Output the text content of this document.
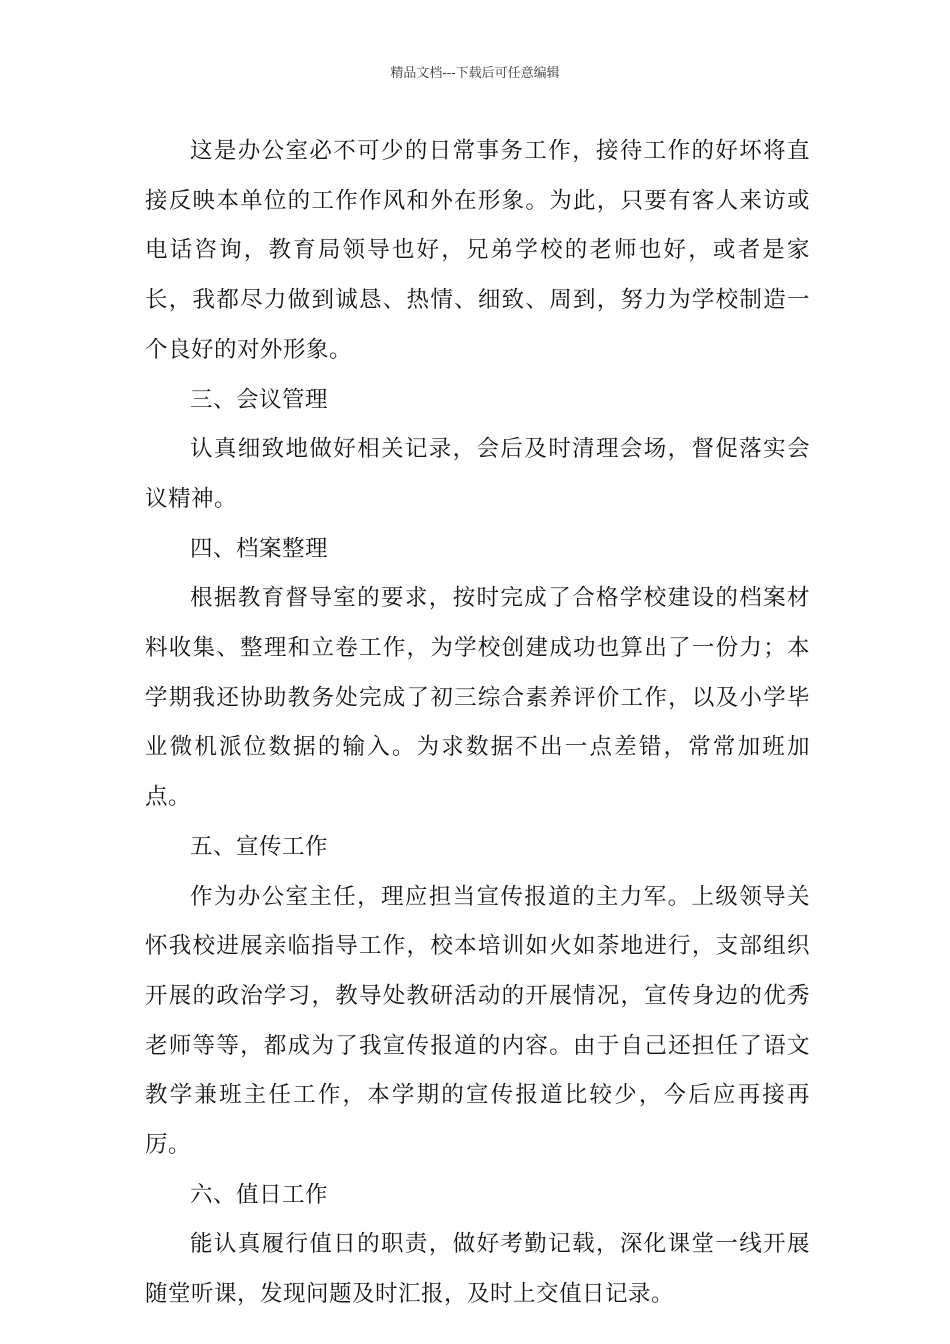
精品文档---下载后可任意编辑

这是办公室必不可少的日常事务工作，接待工作的好坏将直接反映本单位的工作作风和外在形象。为此，只要有客人来访或电话咨询，教育局领导也好，兄弟学校的老师也好，或者是家长，我都尽力做到诚恳、热情、细致、周到，努力为学校制造一个良好的对外形象。

三、会议管理

认真细致地做好相关记录，会后及时清理会场，督促落实会议精神。

四、档案整理

根据教育督导室的要求，按时完成了合格学校建设的档案材料收集、整理和立卷工作，为学校创建成功也算出了一份力；本学期我还协助教务处完成了初三综合素养评价工作，以及小学毕业微机派位数据的输入。为求数据不出一点差错，常常加班加点。

五、宣传工作

作为办公室主任，理应担当宣传报道的主力军。上级领导关怀我校进展亲临指导工作，校本培训如火如荼地进行，支部组织开展的政治学习，教导处教研活动的开展情况，宣传身边的优秀老师等等，都成为了我宣传报道的内容。由于自己还担任了语文教学兼班主任工作，本学期的宣传报道比较少，今后应再接再厉。

六、值日工作

能认真履行值日的职责，做好考勤记载，深化课堂一线开展随堂听课，发现问题及时汇报，及时上交值日记录。
